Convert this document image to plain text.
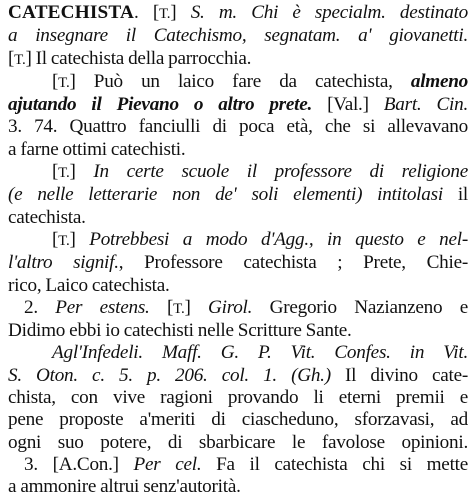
CATECHISTA. [T.] S. m. Chi è specialm. destinato
a insegnare il Catechismo, segnatam. a' giovanetti.
[T.] Il catechista della parrocchia.
[T.] Può un laico fare da catechista, almeno
ajutando il Pievano o altro prete. [Val.] Bart. Cin.
3. 74. Quattro fanciulli di poca età, che si allevavano
a farne ottimi catechisti.
[T.] In certe scuole il professore di religione
(e nelle letterarie non de' soli elementi) intitolasi il
catechista.
[T.] Potrebbesi a modo d'Agg., in questo e nel-
l'altro signif., Professore catechista ; Prete, Chie-
rico, Laico catechista.
2. Per estens. [T.] Girol. Gregorio Nazianzeno e
Didimo ebbi io catechisti nelle Scritture Sante.
Agl'Infedeli. Maff. G. P. Vit. Confes. in Vit.
S. Oton. c. 5. p. 206. col. 1. (Gh.) Il divino cate-
chista, con vive ragioni provando li eterni premii e
pene proposte a'meriti di ciascheduno, sforzavasi, ad
ogni suo potere, di sbarbicare le favolose opinioni.
3. [A.Con.] Per cel. Fa il catechista chi si mette
a ammonire altrui senz'autorità.
